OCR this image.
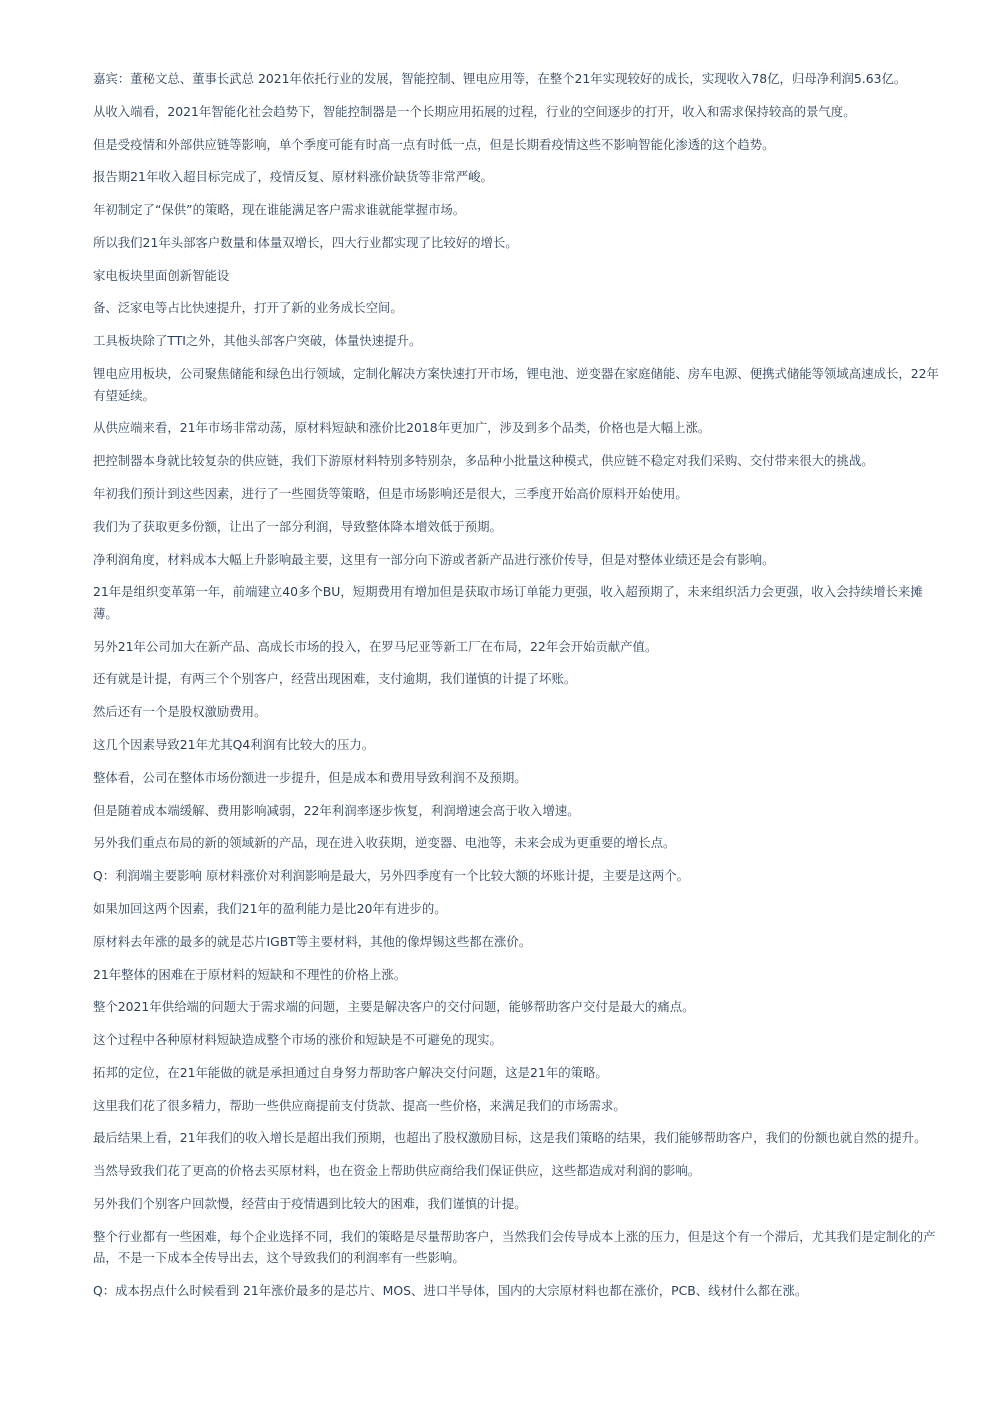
嘉宾：董秘文总、董事长武总 2021年依托行业的发展，智能控制、锂电应用等，在整个21年实现较好的成长，实现收入78亿，归母净利润5.63亿。

从收入端看，2021年智能化社会趋势下，智能控制器是一个长期应用拓展的过程，行业的空间逐步的打开，收入和需求保持较高的景气度。

但是受疫情和外部供应链等影响，单个季度可能有时高一点有时低一点，但是长期看疫情这些不影响智能化渗透的这个趋势。

报告期21年收入超目标完成了，疫情反复、原材料涨价缺货等非常严峻。

年初制定了“保供”的策略，现在谁能满足客户需求谁就能掌握市场。

所以我们21年头部客户数量和体量双增长，四大行业都实现了比较好的增长。

家电板块里面创新智能设

备、泛家电等占比快速提升，打开了新的业务成长空间。

工具板块除了TTI之外，其他头部客户突破，体量快速提升。

锂电应用板块，公司聚焦储能和绿色出行领域，定制化解决方案快速打开市场，锂电池、逆变器在家庭储能、房车电源、便携式储能等领域高速成长，22年有望延续。

从供应端来看，21年市场非常动荡，原材料短缺和涨价比2018年更加广，涉及到多个品类，价格也是大幅上涨。

把控制器本身就比较复杂的供应链，我们下游原材料特别多特别杂，多品种小批量这种模式，供应链不稳定对我们采购、交付带来很大的挑战。

年初我们预计到这些因素，进行了一些囤货等策略，但是市场影响还是很大，三季度开始高价原料开始使用。

我们为了获取更多份额，让出了一部分利润，导致整体降本增效低于预期。

净利润角度，材料成本大幅上升影响最主要，这里有一部分向下游或者新产品进行涨价传导，但是对整体业绩还是会有影响。

21年是组织变革第一年，前端建立40多个BU，短期费用有增加但是获取市场订单能力更强，收入超预期了，未来组织活力会更强，收入会持续增长来摊薄。

另外21年公司加大在新产品、高成长市场的投入，在罗马尼亚等新工厂在布局，22年会开始贡献产值。

还有就是计提，有两三个个别客户，经营出现困难，支付逾期，我们谨慎的计提了坏账。

然后还有一个是股权激励费用。

这几个因素导致21年尤其Q4利润有比较大的压力。

整体看，公司在整体市场份额进一步提升，但是成本和费用导致利润不及预期。

但是随着成本端缓解、费用影响减弱，22年利润率逐步恢复，利润增速会高于收入增速。

另外我们重点布局的新的领域新的产品，现在进入收获期，逆变器、电池等，未来会成为更重要的增长点。

Q：利润端主要影响 原材料涨价对利润影响是最大，另外四季度有一个比较大额的坏账计提，主要是这两个。

如果加回这两个因素，我们21年的盈利能力是比20年有进步的。

原材料去年涨的最多的就是芯片IGBT等主要材料，其他的像焊锡这些都在涨价。

21年整体的困难在于原材料的短缺和不理性的价格上涨。

整个2021年供给端的问题大于需求端的问题，主要是解决客户的交付问题，能够帮助客户交付是最大的痛点。

这个过程中各种原材料短缺造成整个市场的涨价和短缺是不可避免的现实。

拓邦的定位，在21年能做的就是承担通过自身努力帮助客户解决交付问题，这是21年的策略。

这里我们花了很多精力，帮助一些供应商提前支付货款、提高一些价格，来满足我们的市场需求。

最后结果上看，21年我们的收入增长是超出我们预期，也超出了股权激励目标，这是我们策略的结果，我们能够帮助客户，我们的份额也就自然的提升。

当然导致我们花了更高的价格去买原材料，也在资金上帮助供应商给我们保证供应，这些都造成对利润的影响。

另外我们个别客户回款慢，经营由于疫情遇到比较大的困难，我们谨慎的计提。

整个行业都有一些困难，每个企业选择不同，我们的策略是尽量帮助客户，当然我们会传导成本上涨的压力，但是这个有一个滞后，尤其我们是定制化的产品，不是一下成本全传导出去，这个导致我们的利润率有一些影响。

Q：成本拐点什么时候看到 21年涨价最多的是芯片、MOS、进口半导体，国内的大宗原材料也都在涨价，PCB、线材什么都在涨。
